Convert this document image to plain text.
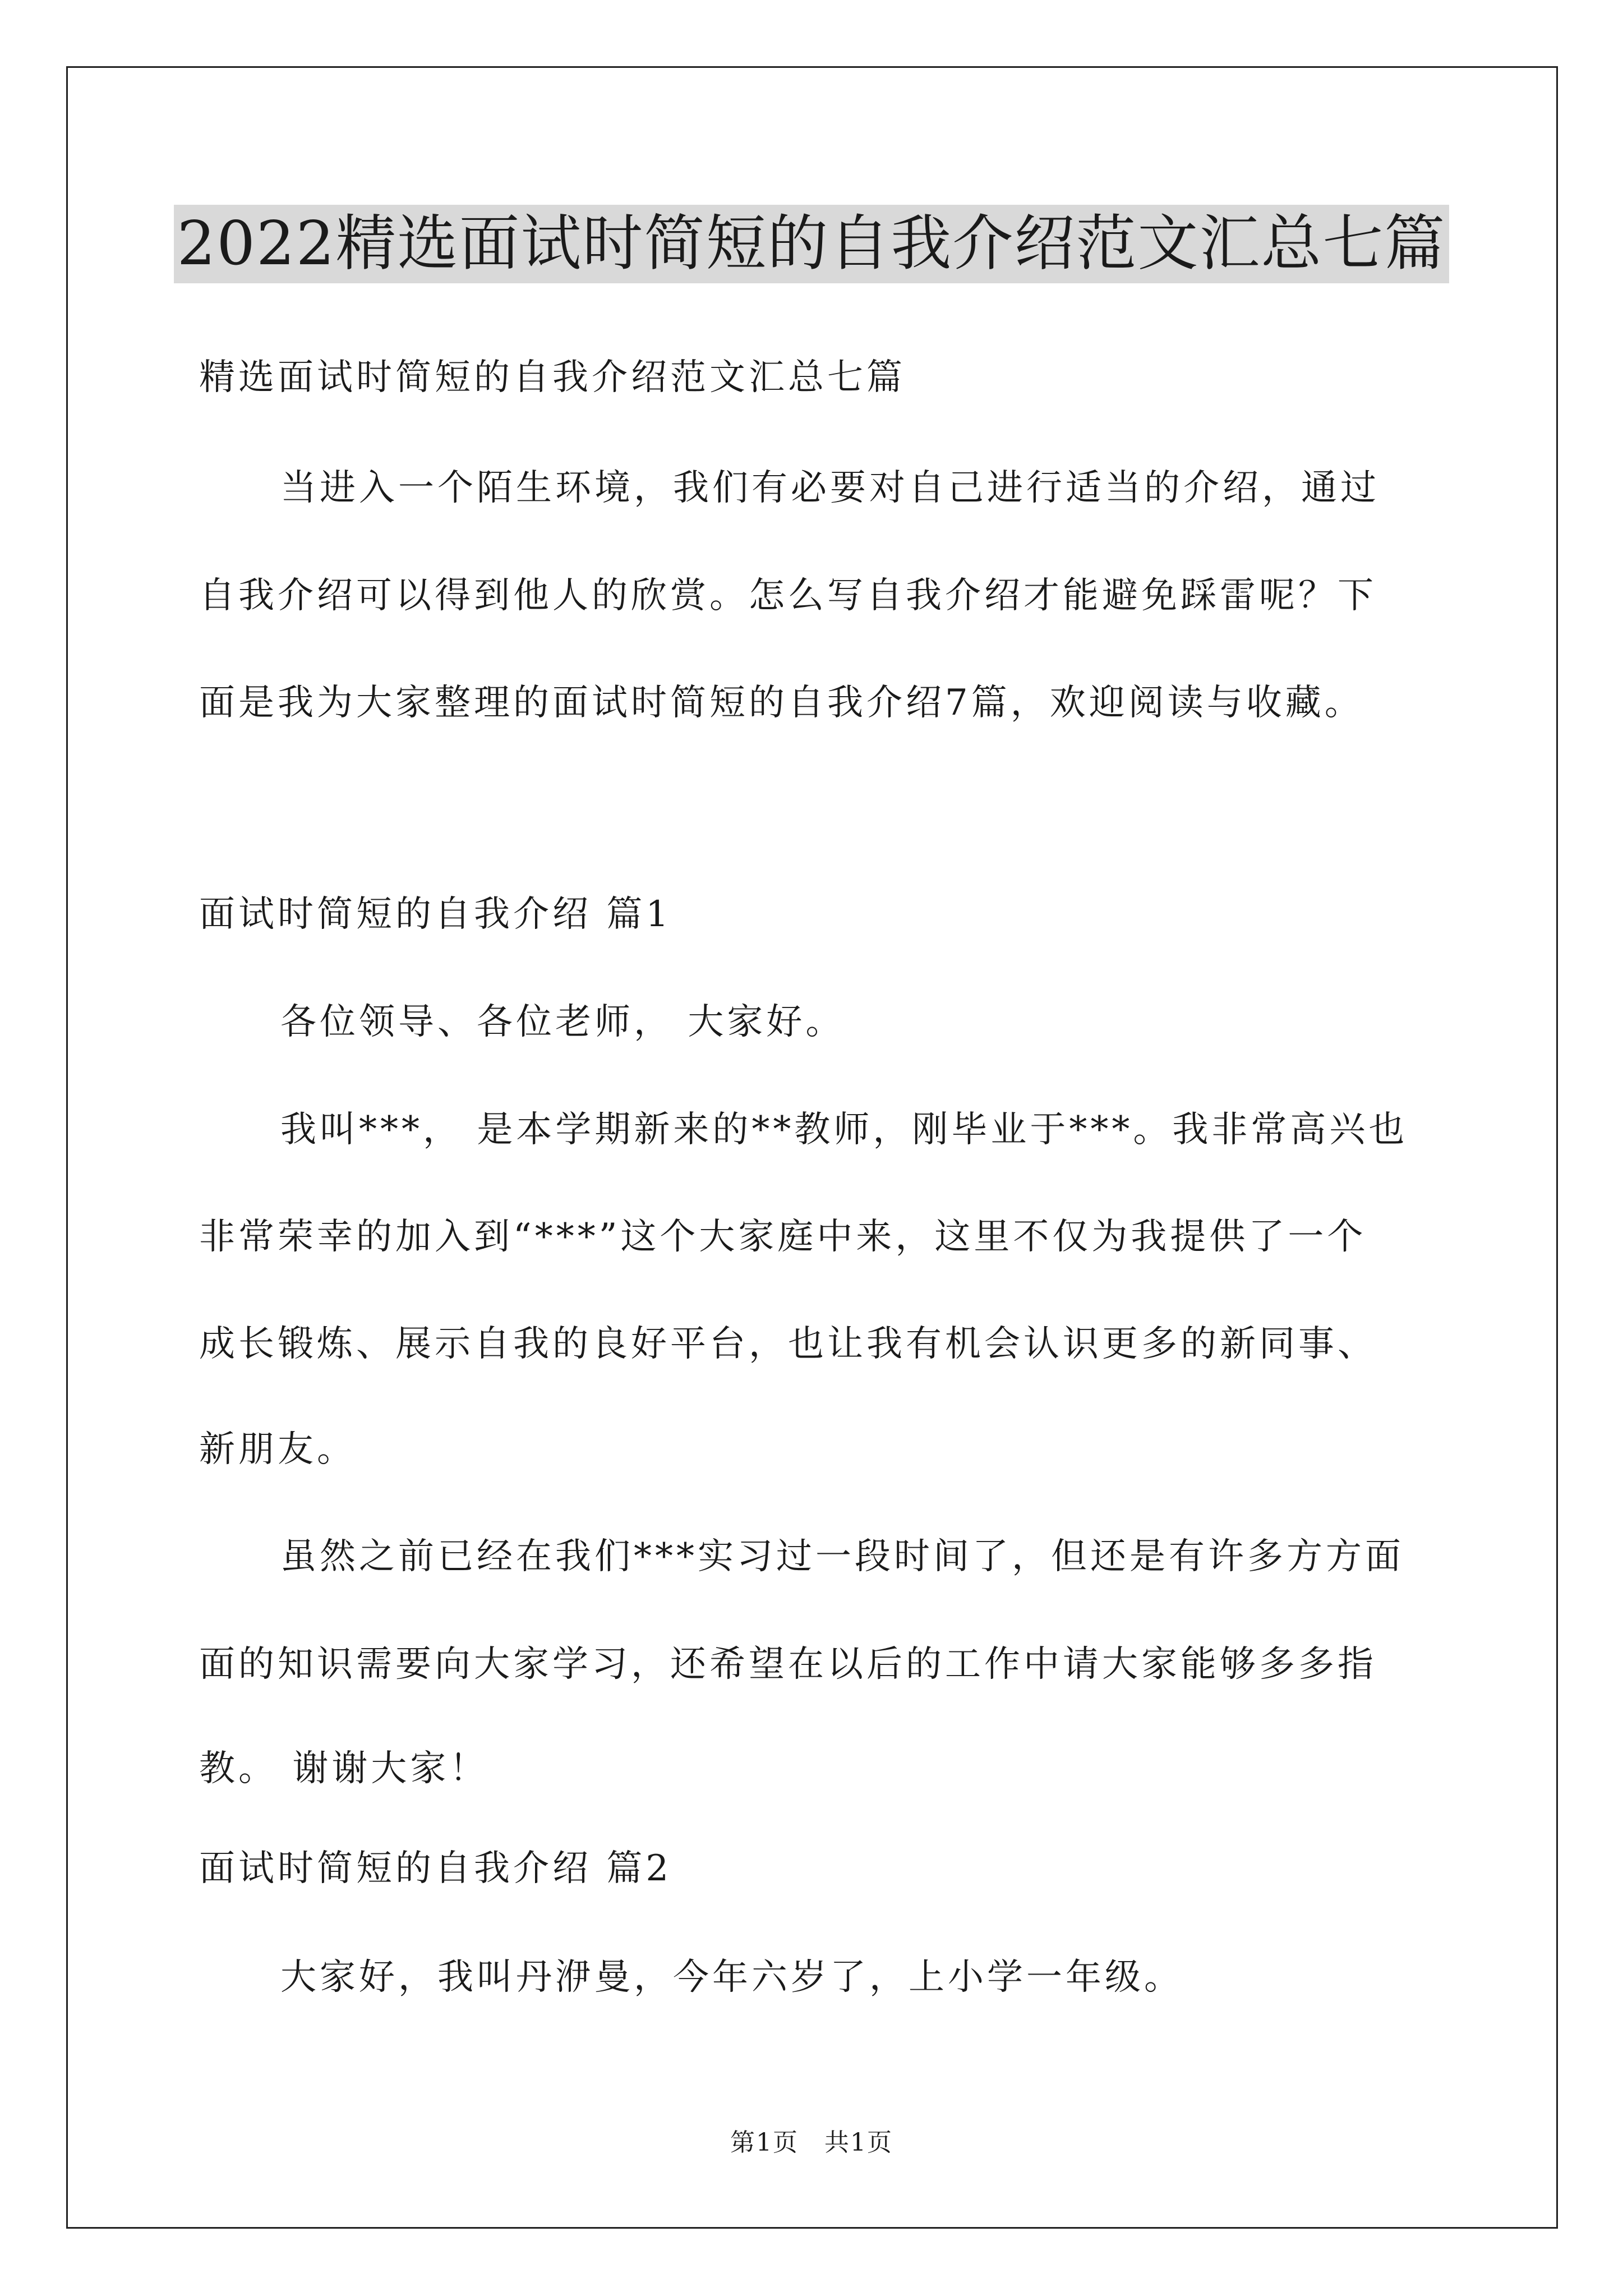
2022精选面试时简短的自我介绍范文汇总七篇
精选面试时简短的自我介绍范文汇总七篇
当进入一个陌生环境，我们有必要对自己进行适当的介绍，通过
自我介绍可以得到他人的欣赏。怎么写自我介绍才能避免踩雷呢？下
面是我为大家整理的面试时简短的自我介绍7篇，欢迎阅读与收藏。
面试时简短的自我介绍 篇1
各位领导、各位老师， 大家好。
我叫***， 是本学期新来的**教师，刚毕业于***。我非常高兴也
非常荣幸的加入到“***”这个大家庭中来，这里不仅为我提供了一个
成长锻炼、展示自我的良好平台，也让我有机会认识更多的新同事、
新朋友。
虽然之前已经在我们***实习过一段时间了，但还是有许多方方面
面的知识需要向大家学习，还希望在以后的工作中请大家能够多多指
教。 谢谢大家！
面试时简短的自我介绍 篇2
大家好，我叫丹洢曼，今年六岁了，上小学一年级。
第1页　共1页
